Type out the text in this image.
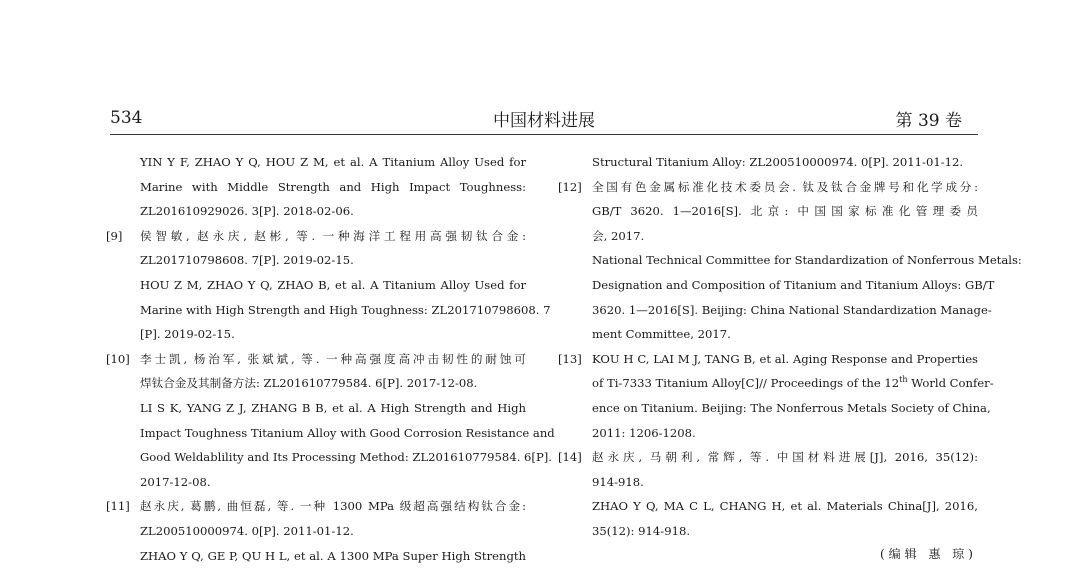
534	中国材料进展	第 39 卷
YIN Y F, ZHAO Y Q, HOU Z M, et al. A Titanium Alloy Used for
Marine with Middle Strength and High Impact Toughness:
ZL201610929026. 3[P]. 2018-02-06.
[9] 侯智敏, 赵永庆, 赵彬, 等. 一种海洋工程用高强韧钛合金:
ZL201710798608. 7[P]. 2019-02-15.
HOU Z M, ZHAO Y Q, ZHAO B, et al. A Titanium Alloy Used for
Marine with High Strength and High Toughness: ZL201710798608. 7
[P]. 2019-02-15.
[10] 李士凯, 杨治军, 张斌斌, 等. 一种高强度高冲击韧性的耐蚀可
焊钛合金及其制备方法: ZL201610779584. 6[P]. 2017-12-08.
LI S K, YANG Z J, ZHANG B B, et al. A High Strength and High
Impact Toughness Titanium Alloy with Good Corrosion Resistance and
Good Weldablility and Its Processing Method: ZL201610779584. 6[P].
2017-12-08.
[11] 赵永庆, 葛鹏, 曲恒磊, 等. 一种 1300 MPa 级超高强结构钛合金:
ZL200510000974. 0[P]. 2011-01-12.
ZHAO Y Q, GE P, QU H L, et al. A 1300 MPa Super High Strength
Structural Titanium Alloy: ZL200510000974. 0[P]. 2011-01-12.
[12] 全国有色金属标准化技术委员会. 钛及钛合金牌号和化学成分:
GB/T 3620. 1—2016[S]. 北京: 中国国家标准化管理委员
会, 2017.
National Technical Committee for Standardization of Nonferrous Metals:
Designation and Composition of Titanium and Titanium Alloys: GB/T
3620. 1—2016[S]. Beijing: China National Standardization Manage-
ment Committee, 2017.
[13] KOU H C, LAI M J, TANG B, et al. Aging Response and Properties
of Ti-7333 Titanium Alloy[C]// Proceedings of the 12th World Confer-
ence on Titanium. Beijing: The Nonferrous Metals Society of China,
2011: 1206-1208.
[14] 赵永庆, 马朝利, 常辉, 等. 中国材料进展[J], 2016, 35(12):
914-918.
ZHAO Y Q, MA C L, CHANG H, et al. Materials China[J], 2016,
35(12): 914-918.
(编辑 惠 琼)
